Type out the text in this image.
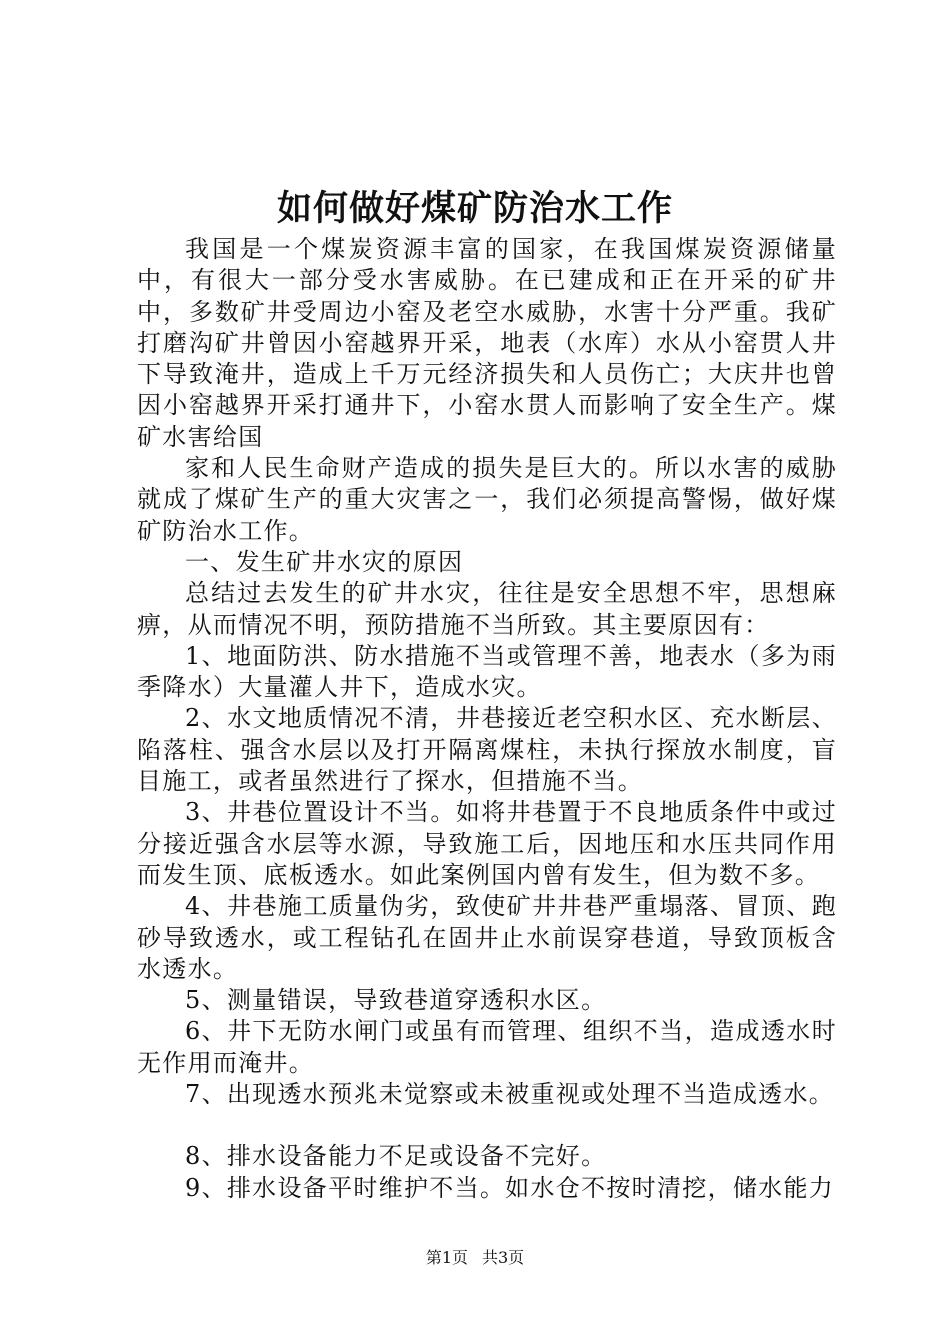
如何做好煤矿防治水工作

我国是一个煤炭资源丰富的国家，在我国煤炭资源储量中，有很大一部分受水害威胁。在已建成和正在开采的矿井中，多数矿井受周边小窑及老空水威胁，水害十分严重。我矿打磨沟矿井曾因小窑越界开采，地表（水库）水从小窑贯人井下导致淹井，造成上千万元经济损失和人员伤亡；大庆井也曾因小窑越界开采打通井下，小窑水贯人而影响了安全生产。煤矿水害给国

家和人民生命财产造成的损失是巨大的。所以水害的威胁就成了煤矿生产的重大灾害之一，我们必须提高警惕，做好煤矿防治水工作。

一、发生矿井水灾的原因

总结过去发生的矿井水灾，往往是安全思想不牢，思想麻痹，从而情况不明，预防措施不当所致。其主要原因有：

1、地面防洪、防水措施不当或管理不善，地表水（多为雨季降水）大量灌人井下，造成水灾。

2、水文地质情况不清，井巷接近老空积水区、充水断层、陷落柱、强含水层以及打开隔离煤柱，未执行探放水制度，盲目施工，或者虽然进行了探水，但措施不当。

3、井巷位置设计不当。如将井巷置于不良地质条件中或过分接近强含水层等水源，导致施工后，因地压和水压共同作用而发生顶、底板透水。如此案例国内曾有发生，但为数不多。

4、井巷施工质量伪劣，致使矿井井巷严重塌落、冒顶、跑砂导致透水，或工程钻孔在固井止水前误穿巷道，导致顶板含水透水。

5、测量错误，导致巷道穿透积水区。

6、井下无防水闸门或虽有而管理、组织不当，造成透水时无作用而淹井。

7、出现透水预兆未觉察或未被重视或处理不当造成透水。

8、排水设备能力不足或设备不完好。

9、排水设备平时维护不当。如水仓不按时清挖，储水能力

第1页 共3页
